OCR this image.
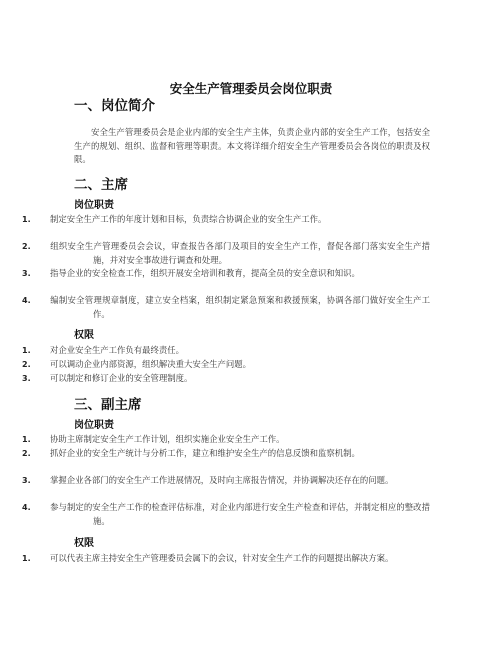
安全生产管理委员会岗位职责
一、岗位简介
安全生产管理委员会是企业内部的安全生产主体，负责企业内部的安全生产工作，包括安全生产的规划、组织、监督和管理等职责。本文将详细介绍安全生产管理委员会各岗位的职责及权限。
二、主席
岗位职责
1. 制定安全生产工作的年度计划和目标，负责综合协调企业的安全生产工作。
2. 组织安全生产管理委员会会议，审查报告各部门及项目的安全生产工作，督促各部门落实安全生产措施，并对安全事故进行调查和处理。
3. 指导企业的安全检查工作，组织开展安全培训和教育，提高全员的安全意识和知识。
4. 编制安全管理规章制度，建立安全档案，组织制定紧急预案和救援预案，协调各部门做好安全生产工作。
权限
1. 对企业安全生产工作负有最终责任。
2. 可以调动企业内部资源，组织解决重大安全生产问题。
3. 可以制定和修订企业的安全管理制度。
三、副主席
岗位职责
1. 协助主席制定安全生产工作计划，组织实施企业安全生产工作。
2. 抓好企业的安全生产统计与分析工作，建立和维护安全生产的信息反馈和监察机制。
3. 掌握企业各部门的安全生产工作进展情况，及时向主席报告情况，并协调解决还存在的问题。
4. 参与制定的安全生产工作的检查评估标准，对企业内部进行安全生产检查和评估，并制定相应的整改措施。
权限
1. 可以代表主席主持安全生产管理委员会属下的会议，针对安全生产工作的问题提出解决方案。
